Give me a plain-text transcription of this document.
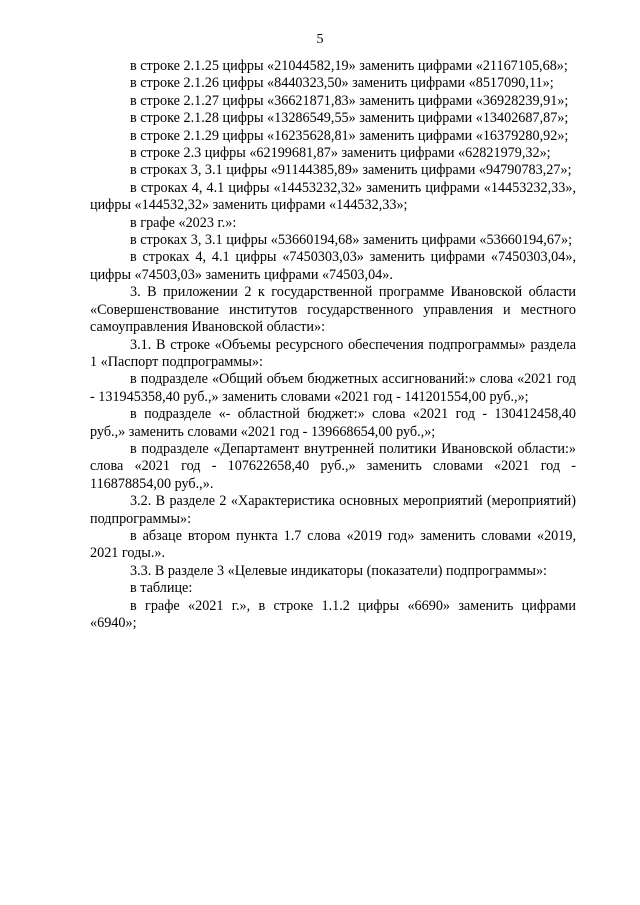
5

в строке 2.1.25 цифры «21044582,19» заменить цифрами «21167105,68»;

в строке 2.1.26 цифры «8440323,50» заменить цифрами «8517090,11»;

в строке 2.1.27 цифры «36621871,83» заменить цифрами «36928239,91»;

в строке 2.1.28 цифры «13286549,55» заменить цифрами «13402687,87»;

в строке 2.1.29 цифры «16235628,81» заменить цифрами «16379280,92»;

в строке 2.3 цифры «62199681,87» заменить цифрами «62821979,32»;

в строках 3, 3.1 цифры «91144385,89» заменить цифрами «94790783,27»;

в строках 4, 4.1 цифры «14453232,32» заменить цифрами «14453232,33», цифры «144532,32» заменить цифрами «144532,33»;

в графе «2023 г.»:

в строках 3, 3.1 цифры «53660194,68» заменить цифрами «53660194,67»;

в строках 4, 4.1 цифры «7450303,03» заменить цифрами «7450303,04», цифры «74503,03» заменить цифрами «74503,04».

3. В приложении 2 к государственной программе Ивановской области «Совершенствование институтов государственного управления и местного самоуправления Ивановской области»:

3.1. В строке «Объемы ресурсного обеспечения подпрограммы» раздела 1 «Паспорт подпрограммы»:

в подразделе «Общий объем бюджетных ассигнований:» слова «2021 год - 131945358,40 руб.,» заменить словами «2021 год - 141201554,00 руб.,»;

в подразделе «- областной бюджет:» слова «2021 год - 130412458,40 руб.,» заменить словами «2021 год - 139668654,00 руб.,»;

в подразделе «Департамент внутренней политики Ивановской области:» слова «2021 год - 107622658,40 руб.,» заменить словами «2021 год - 116878854,00 руб.,».

3.2. В разделе 2 «Характеристика основных мероприятий (мероприятий) подпрограммы»:

в абзаце втором пункта 1.7 слова «2019 год» заменить словами «2019, 2021 годы.».

3.3. В разделе 3 «Целевые индикаторы (показатели) подпрограммы»:

в таблице:

в графе «2021 г.», в строке 1.1.2 цифры «6690» заменить цифрами «6940»;
